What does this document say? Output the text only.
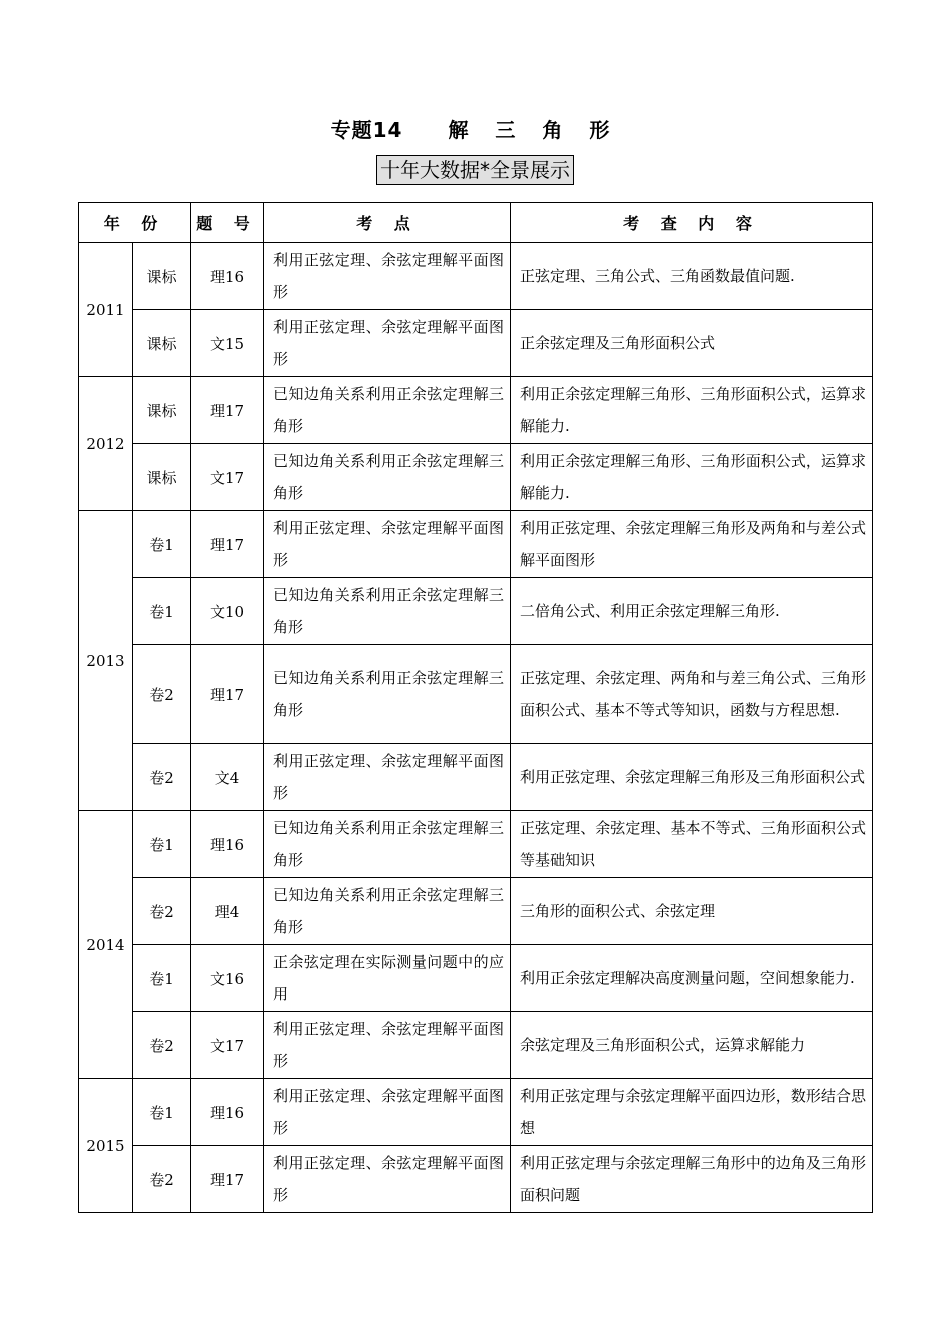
专题14 解 三 角 形
十年大数据*全景展示
年 份		题 号	考 点	考 查 内 容
2011	课标	理16	利用正弦定理、余弦定理解平面图形	正弦定理、三角公式、三角函数最值问题.
	课标	文15	利用正弦定理、余弦定理解平面图形	正余弦定理及三角形面积公式
2012	课标	理17	已知边角关系利用正余弦定理解三角形	利用正余弦定理解三角形、三角形面积公式，运算求解能力.
	课标	文17	已知边角关系利用正余弦定理解三角形	利用正余弦定理解三角形、三角形面积公式，运算求解能力.
2013	卷1	理17	利用正弦定理、余弦定理解平面图形	利用正弦定理、余弦定理解三角形及两角和与差公式解平面图形
	卷1	文10	已知边角关系利用正余弦定理解三角形	二倍角公式、利用正余弦定理解三角形.
	卷2	理17	已知边角关系利用正余弦定理解三角形	正弦定理、余弦定理、两角和与差三角公式、三角形面积公式、基本不等式等知识，函数与方程思想.
	卷2	文4	利用正弦定理、余弦定理解平面图形	利用正弦定理、余弦定理解三角形及三角形面积公式
2014	卷1	理16	已知边角关系利用正余弦定理解三角形	正弦定理、余弦定理、基本不等式、三角形面积公式等基础知识
	卷2	理4	已知边角关系利用正余弦定理解三角形	三角形的面积公式、余弦定理
	卷1	文16	正余弦定理在实际测量问题中的应用	利用正余弦定理解决高度测量问题，空间想象能力.
	卷2	文17	利用正弦定理、余弦定理解平面图形	余弦定理及三角形面积公式，运算求解能力
2015	卷1	理16	利用正弦定理、余弦定理解平面图形	利用正弦定理与余弦定理解平面四边形，数形结合思想
	卷2	理17	利用正弦定理、余弦定理解平面图形	利用正弦定理与余弦定理解三角形中的边角及三角形面积问题
